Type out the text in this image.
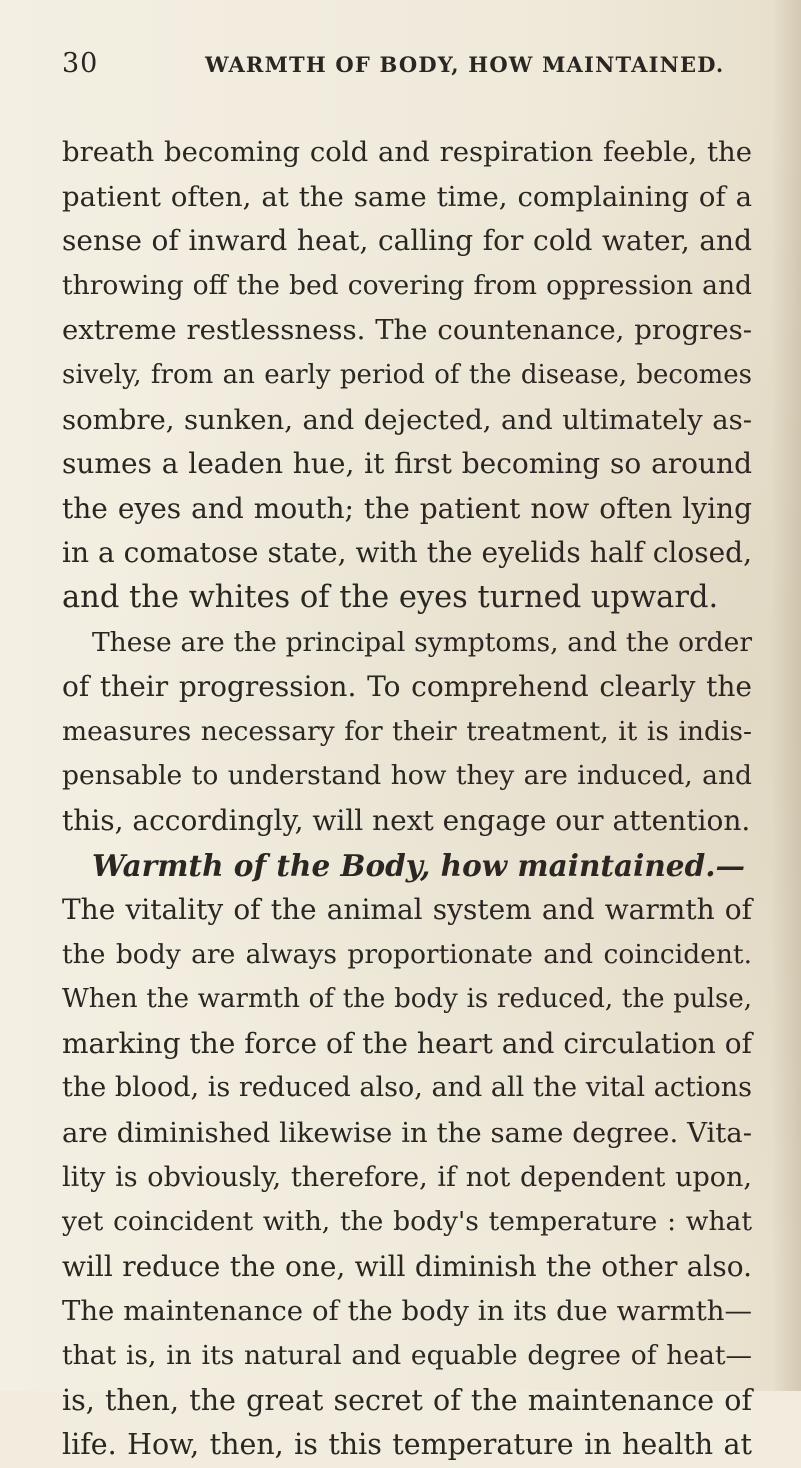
30	WARMTH OF BODY, HOW MAINTAINED.
breath becoming cold and respiration feeble, the
patient often, at the same time, complaining of a
sense of inward heat, calling for cold water, and
throwing off the bed covering from oppression and
extreme restlessness. The countenance, progres-
sively, from an early period of the disease, becomes
sombre, sunken, and dejected, and ultimately as-
sumes a leaden hue, it first becoming so around
the eyes and mouth; the patient now often lying
in a comatose state, with the eyelids half closed,
and the whites of the eyes turned upward.
These are the principal symptoms, and the order
of their progression. To comprehend clearly the
measures necessary for their treatment, it is indis-
pensable to understand how they are induced, and
this, accordingly, will next engage our attention.
Warmth of the Body, how maintained.—
The vitality of the animal system and warmth of
the body are always proportionate and coincident.
When the warmth of the body is reduced, the pulse,
marking the force of the heart and circulation of
the blood, is reduced also, and all the vital actions
are diminished likewise in the same degree. Vita-
lity is obviously, therefore, if not dependent upon,
yet coincident with, the body's temperature : what
will reduce the one, will diminish the other also.
The maintenance of the body in its due warmth—
that is, in its natural and equable degree of heat—
is, then, the great secret of the maintenance of
life. How, then, is this temperature in health at
